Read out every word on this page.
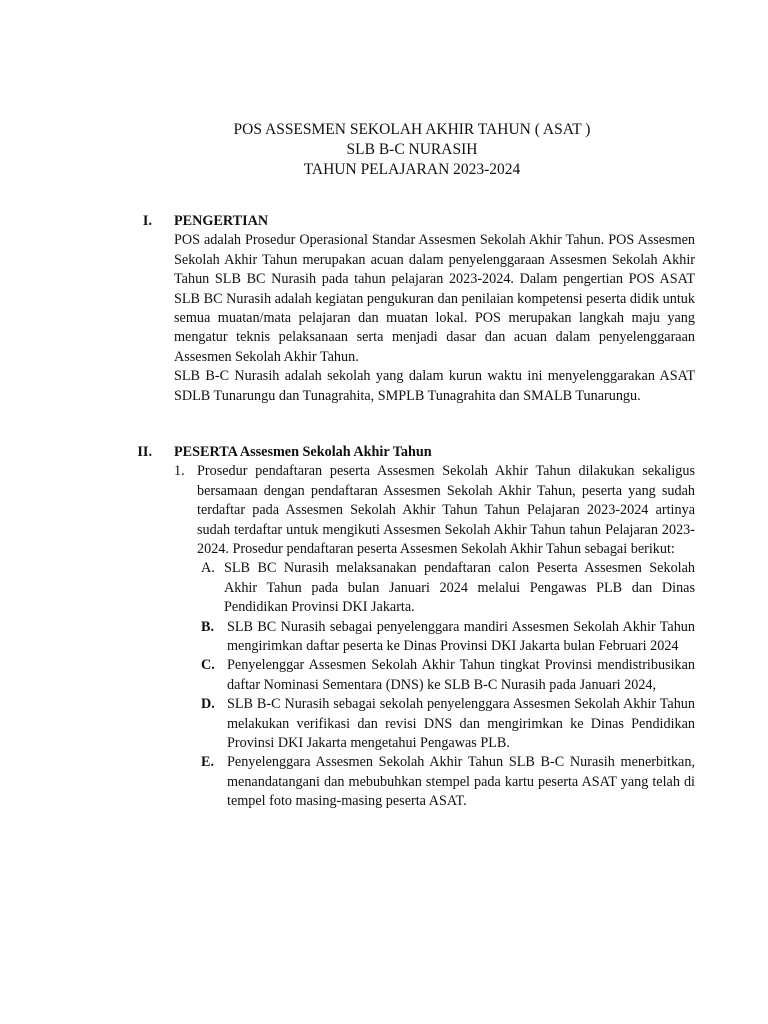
POS ASSESMEN SEKOLAH AKHIR TAHUN ( ASAT )
SLB B-C NURASIH
TAHUN PELAJARAN 2023-2024
I. PENGERTIAN

POS adalah Prosedur Operasional Standar Assesmen Sekolah Akhir Tahun. POS Assesmen Sekolah Akhir Tahun merupakan acuan dalam penyelenggaraan Assesmen Sekolah Akhir Tahun SLB BC Nurasih pada tahun pelajaran 2023-2024. Dalam pengertian POS ASAT SLB BC Nurasih adalah kegiatan pengukuran dan penilaian kompetensi peserta didik untuk semua muatan/mata pelajaran dan muatan lokal. POS merupakan langkah maju yang mengatur teknis pelaksanaan serta menjadi dasar dan acuan dalam penyelenggaraan Assesmen Sekolah Akhir Tahun.

SLB B-C Nurasih adalah sekolah yang dalam kurun waktu ini menyelenggarakan ASAT SDLB Tunarungu dan Tunagrahita, SMPLB Tunagrahita dan SMALB Tunarungu.

II. PESERTA Assesmen Sekolah Akhir Tahun
1. Prosedur pendaftaran peserta Assesmen Sekolah Akhir Tahun dilakukan sekaligus bersamaan dengan pendaftaran Assesmen Sekolah Akhir Tahun, peserta yang sudah terdaftar pada Assesmen Sekolah Akhir Tahun Tahun Pelajaran 2023-2024 artinya sudah terdaftar untuk mengikuti Assesmen Sekolah Akhir Tahun tahun Pelajaran 2023-2024. Prosedur pendaftaran peserta Assesmen Sekolah Akhir Tahun sebagai berikut:
A. SLB BC Nurasih melaksanakan pendaftaran calon Peserta Assesmen Sekolah Akhir Tahun pada bulan Januari 2024 melalui Pengawas PLB dan Dinas Pendidikan Provinsi DKI Jakarta.
B. SLB BC Nurasih sebagai penyelenggara mandiri Assesmen Sekolah Akhir Tahun mengirimkan daftar peserta ke Dinas Provinsi DKI Jakarta bulan Februari 2024
C. Penyelenggar Assesmen Sekolah Akhir Tahun tingkat Provinsi mendistribusikan daftar Nominasi Sementara (DNS) ke SLB B-C Nurasih pada Januari 2024,
D. SLB B-C Nurasih sebagai sekolah penyelenggara Assesmen Sekolah Akhir Tahun melakukan verifikasi dan revisi DNS dan mengirimkan ke Dinas Pendidikan Provinsi DKI Jakarta mengetahui Pengawas PLB.
E. Penyelenggara Assesmen Sekolah Akhir Tahun SLB B-C Nurasih menerbitkan, menandatangani dan mebubuhkan stempel pada kartu peserta ASAT yang telah di tempel foto masing-masing peserta ASAT.
